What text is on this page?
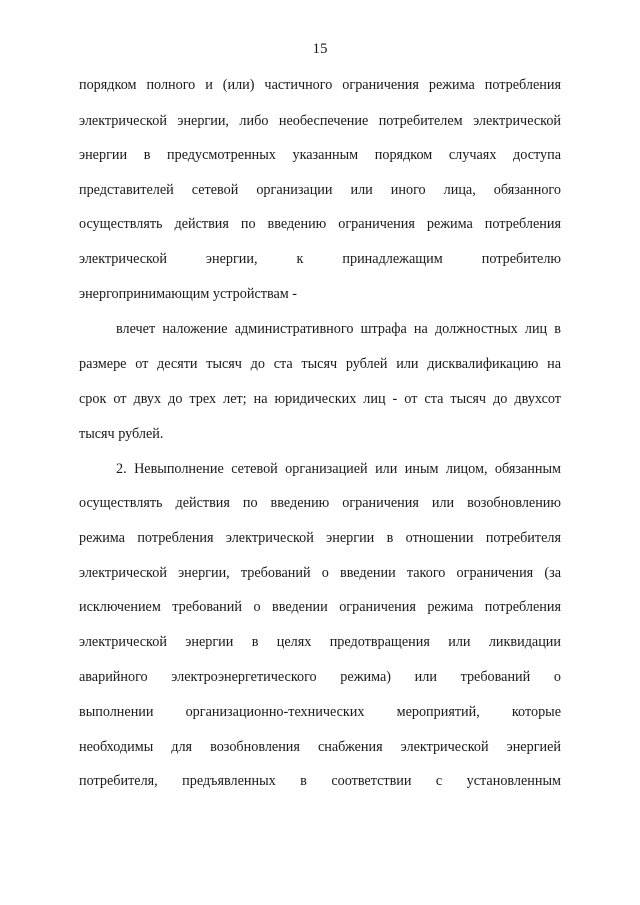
15
порядком полного и (или) частичного ограничения режима потребления
электрической энергии, либо необеспечение потребителем электрической
энергии в предусмотренных указанным порядком случаях доступа
представителей сетевой организации или иного лица, обязанного
осуществлять действия по введению ограничения режима потребления
электрической энергии, к принадлежащим потребителю
энергопринимающим устройствам -
влечет наложение административного штрафа на должностных лиц в
размере от десяти тысяч до ста тысяч рублей или дисквалификацию на
срок от двух до трех лет; на юридических лиц - от ста тысяч до двухсот
тысяч рублей.
2. Невыполнение сетевой организацией или иным лицом, обязанным
осуществлять действия по введению ограничения или возобновлению
режима потребления электрической энергии в отношении потребителя
электрической энергии, требований о введении такого ограничения (за
исключением требований о введении ограничения режима потребления
электрической энергии в целях предотвращения или ликвидации
аварийного электроэнергетического режима) или требований о
выполнении организационно-технических мероприятий, которые
необходимы для возобновления снабжения электрической энергией
потребителя, предъявленных в соответствии с установленным
